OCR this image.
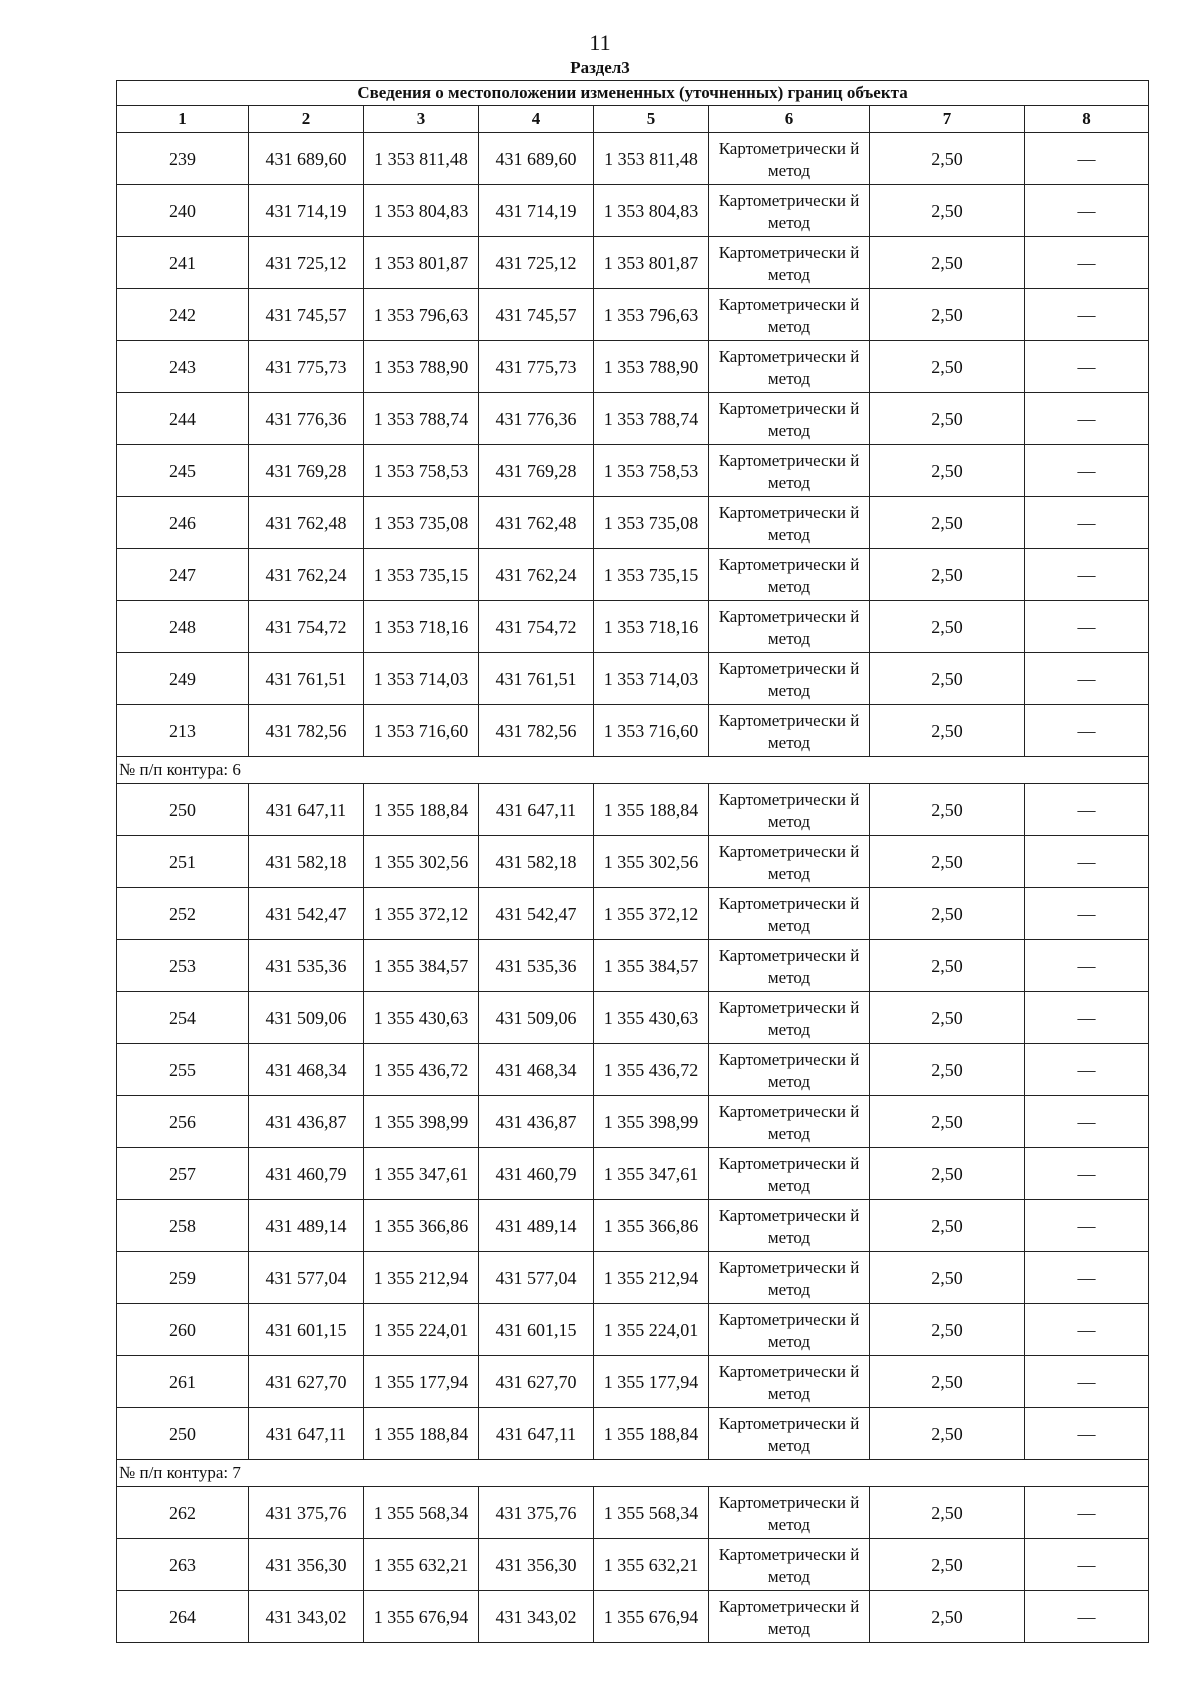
11
Раздел3
Сведения о местоположении измененных (уточненных) границ объекта							
1	2	3	4	5	6	7	8
239	431 689,60	1 353 811,48	431 689,60	1 353 811,48	Картометрически й метод	2,50	—
240	431 714,19	1 353 804,83	431 714,19	1 353 804,83	Картометрически й метод	2,50	—
241	431 725,12	1 353 801,87	431 725,12	1 353 801,87	Картометрически й метод	2,50	—
242	431 745,57	1 353 796,63	431 745,57	1 353 796,63	Картометрически й метод	2,50	—
243	431 775,73	1 353 788,90	431 775,73	1 353 788,90	Картометрически й метод	2,50	—
244	431 776,36	1 353 788,74	431 776,36	1 353 788,74	Картометрически й метод	2,50	—
245	431 769,28	1 353 758,53	431 769,28	1 353 758,53	Картометрически й метод	2,50	—
246	431 762,48	1 353 735,08	431 762,48	1 353 735,08	Картометрически й метод	2,50	—
247	431 762,24	1 353 735,15	431 762,24	1 353 735,15	Картометрически й метод	2,50	—
248	431 754,72	1 353 718,16	431 754,72	1 353 718,16	Картометрически й метод	2,50	—
249	431 761,51	1 353 714,03	431 761,51	1 353 714,03	Картометрически й метод	2,50	—
213	431 782,56	1 353 716,60	431 782,56	1 353 716,60	Картометрически й метод	2,50	—
№ п/п контура: 6							
250	431 647,11	1 355 188,84	431 647,11	1 355 188,84	Картометрически й метод	2,50	—
251	431 582,18	1 355 302,56	431 582,18	1 355 302,56	Картометрически й метод	2,50	—
252	431 542,47	1 355 372,12	431 542,47	1 355 372,12	Картометрически й метод	2,50	—
253	431 535,36	1 355 384,57	431 535,36	1 355 384,57	Картометрически й метод	2,50	—
254	431 509,06	1 355 430,63	431 509,06	1 355 430,63	Картометрически й метод	2,50	—
255	431 468,34	1 355 436,72	431 468,34	1 355 436,72	Картометрически й метод	2,50	—
256	431 436,87	1 355 398,99	431 436,87	1 355 398,99	Картометрически й метод	2,50	—
257	431 460,79	1 355 347,61	431 460,79	1 355 347,61	Картометрически й метод	2,50	—
258	431 489,14	1 355 366,86	431 489,14	1 355 366,86	Картометрически й метод	2,50	—
259	431 577,04	1 355 212,94	431 577,04	1 355 212,94	Картометрически й метод	2,50	—
260	431 601,15	1 355 224,01	431 601,15	1 355 224,01	Картометрически й метод	2,50	—
261	431 627,70	1 355 177,94	431 627,70	1 355 177,94	Картометрически й метод	2,50	—
250	431 647,11	1 355 188,84	431 647,11	1 355 188,84	Картометрически й метод	2,50	—
№ п/п контура: 7							
262	431 375,76	1 355 568,34	431 375,76	1 355 568,34	Картометрически й метод	2,50	—
263	431 356,30	1 355 632,21	431 356,30	1 355 632,21	Картометрически й метод	2,50	—
264	431 343,02	1 355 676,94	431 343,02	1 355 676,94	Картометрически й метод	2,50	—
